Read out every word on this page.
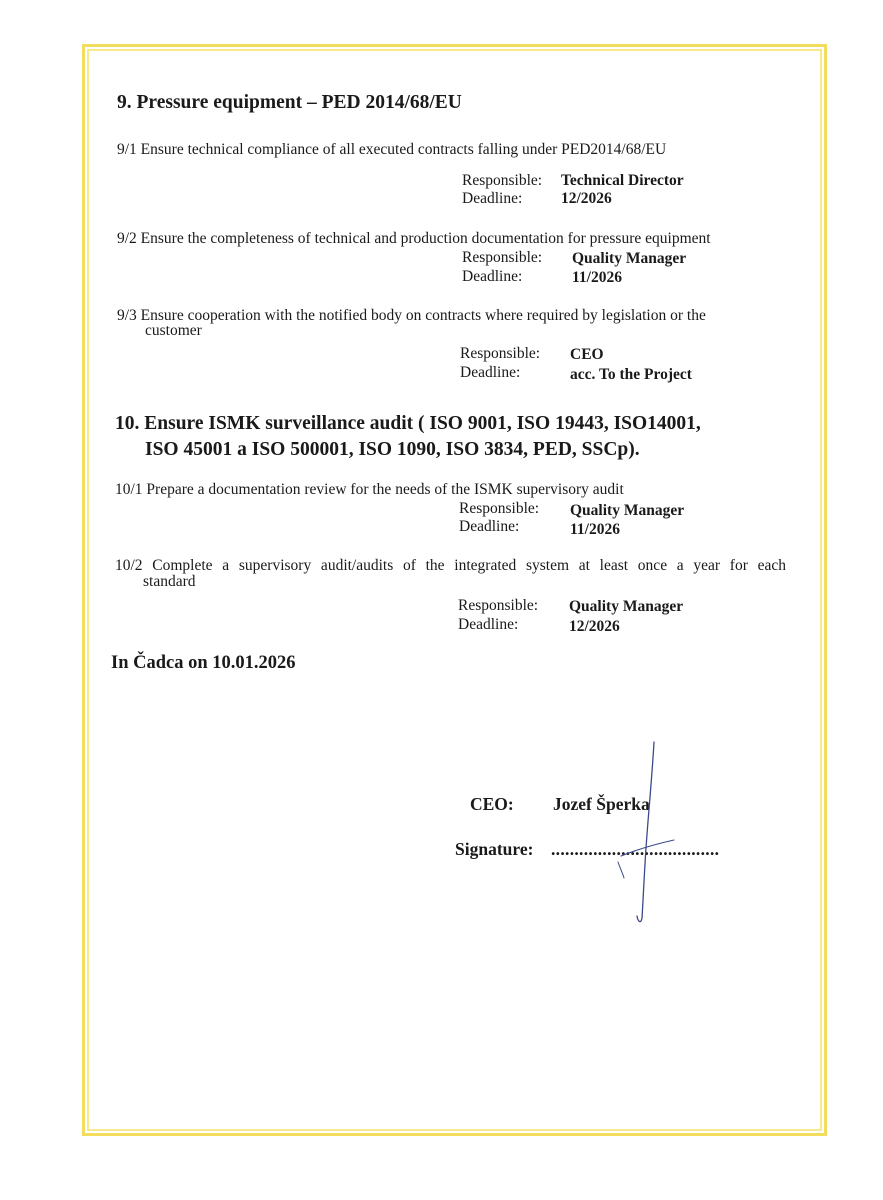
9. Pressure equipment – PED 2014/68/EU
9/1 Ensure technical compliance of all executed contracts falling under PED2014/68/EU
Responsible: Technical Director
Deadline: 12/2026
9/2 Ensure the completeness of technical and production documentation for pressure equipment
Responsible: Quality Manager
Deadline:	11/2026
9/3 Ensure cooperation with the notified body on contracts where required by legislation or the
customer
Responsible: CEO
Deadline:	acc. To the Project
10. Ensure ISMK surveillance audit ( ISO 9001, ISO 19443, ISO14001,
ISO 45001 a ISO 500001, ISO 1090, ISO 3834, PED, SSCp).
10/1 Prepare a documentation review for the needs of the ISMK supervisory audit
Responsible: Quality Manager
Deadline:	11/2026
10/2 Complete a supervisory audit/audits of the integrated system at least once a year for each
standard
Responsible: Quality Manager
Deadline:	12/2026
In Čadca on 10.01.2026
CEO: Jozef Šperka
Signature: ....................................
